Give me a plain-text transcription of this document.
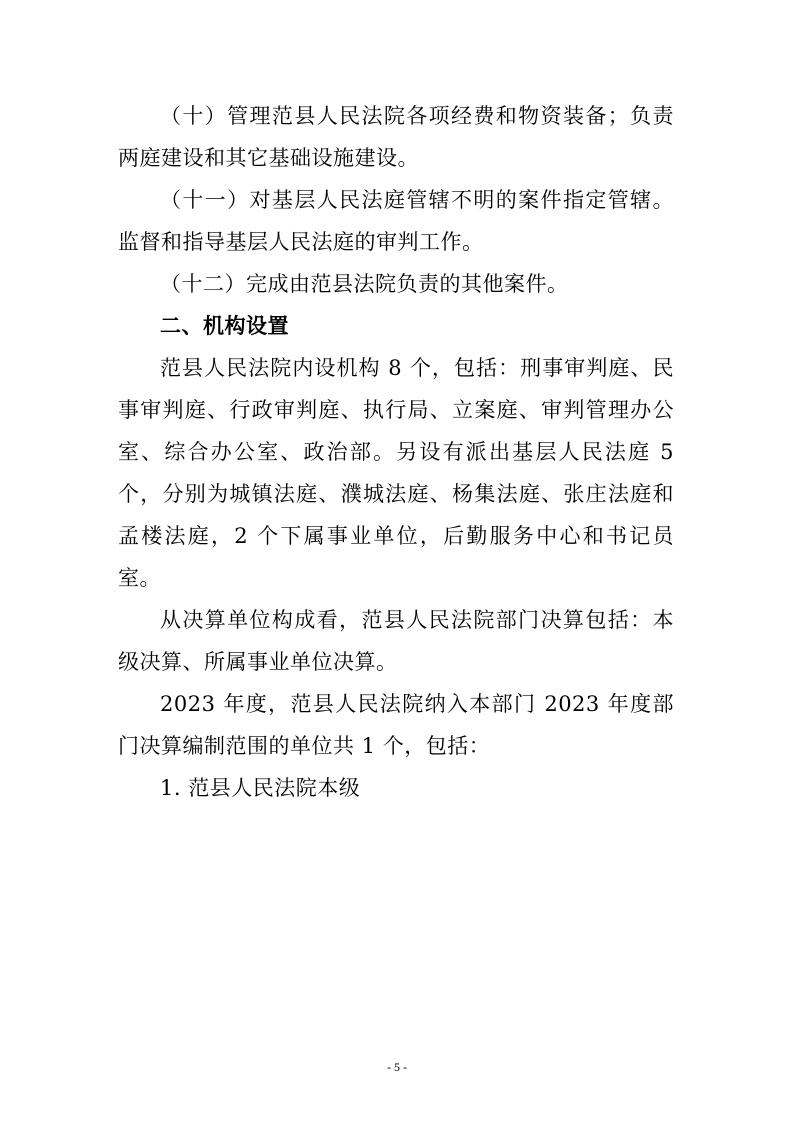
（十）管理范县人民法院各项经费和物资装备；负责两庭建设和其它基础设施建设。

（十一）对基层人民法庭管辖不明的案件指定管辖。监督和指导基层人民法庭的审判工作。

（十二）完成由范县法院负责的其他案件。

二、机构设置

范县人民法院内设机构 8 个，包括：刑事审判庭、民事审判庭、行政审判庭、执行局、立案庭、审判管理办公室、综合办公室、政治部。另设有派出基层人民法庭 5 个，分别为城镇法庭、濮城法庭、杨集法庭、张庄法庭和孟楼法庭，2 个下属事业单位，后勤服务中心和书记员室。

从决算单位构成看，范县人民法院部门决算包括：本级决算、所属事业单位决算。

2023 年度，范县人民法院纳入本部门 2023 年度部门决算编制范围的单位共 1 个，包括：

1. 范县人民法院本级

- 5 -
